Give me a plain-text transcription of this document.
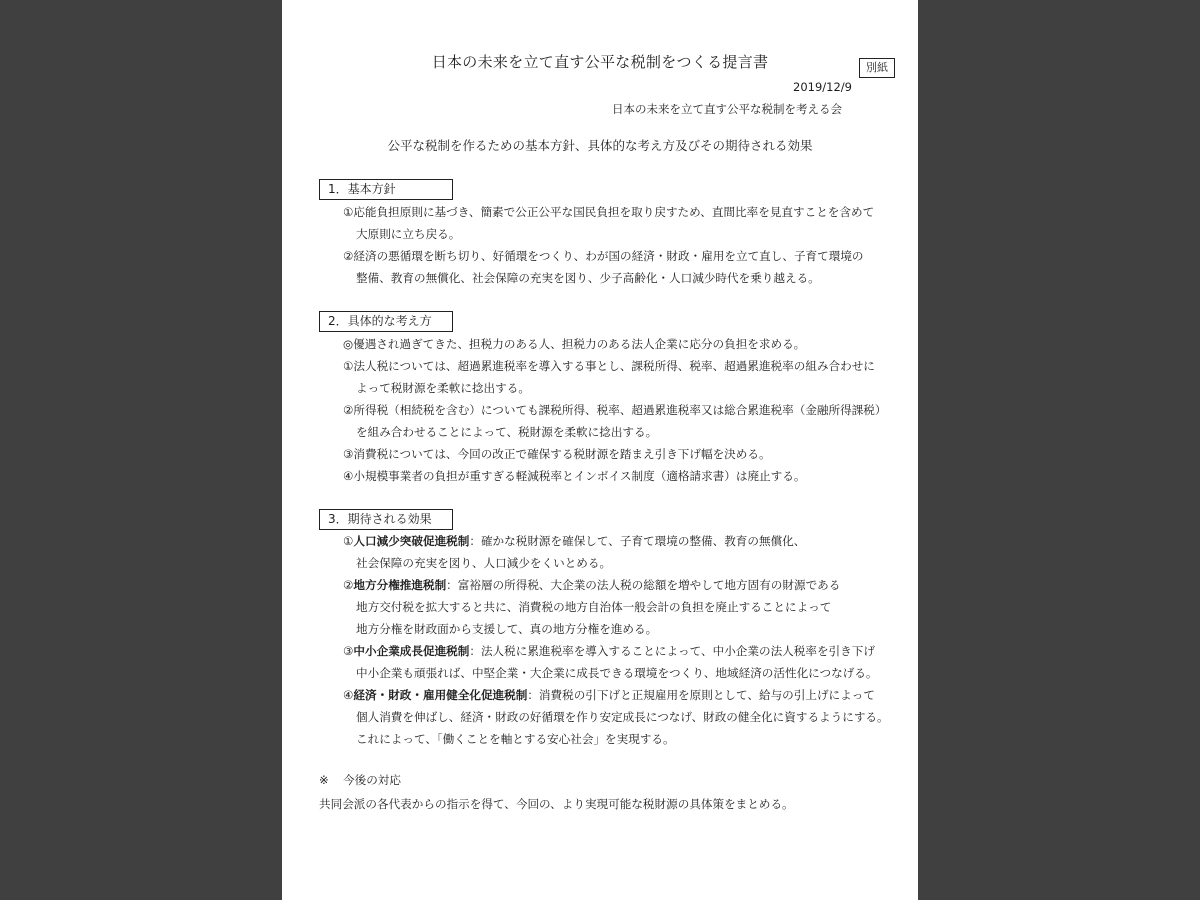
日本の未来を立て直す公平な税制をつくる提言書	別紙

2019/12/9

日本の未来を立て直す公平な税制を考える会

公平な税制を作るための基本方針、具体的な考え方及びその期待される効果

1．基本方針

①応能負担原則に基づき、簡素で公正公平な国民負担を取り戻すため、直間比率を見直すことを含めて

大原則に立ち戻る。

②経済の悪循環を断ち切り、好循環をつくり、わが国の経済・財政・雇用を立て直し、子育て環境の

整備、教育の無償化、社会保障の充実を図り、少子高齢化・人口減少時代を乗り越える。

2．具体的な考え方

◎優遇され過ぎてきた、担税力のある人、担税力のある法人企業に応分の負担を求める。

①法人税については、超過累進税率を導入する事とし、課税所得、税率、超過累進税率の組み合わせに

よって税財源を柔軟に捻出する。

②所得税（相続税を含む）についても課税所得、税率、超過累進税率又は総合累進税率（金融所得課税）

を組み合わせることによって、税財源を柔軟に捻出する。

③消費税については、今回の改正で確保する税財源を踏まえ引き下げ幅を決める。

④小規模事業者の負担が重すぎる軽減税率とインボイス制度（適格請求書）は廃止する。

3．期待される効果

①人口減少突破促進税制：確かな税財源を確保して、子育て環境の整備、教育の無償化、

社会保障の充実を図り、人口減少をくいとめる。

②地方分権推進税制：富裕層の所得税、大企業の法人税の総額を増やして地方固有の財源である

地方交付税を拡大すると共に、消費税の地方自治体一般会計の負担を廃止することによって

地方分権を財政面から支援して、真の地方分権を進める。

③中小企業成長促進税制：法人税に累進税率を導入することによって、中小企業の法人税率を引き下げ

中小企業も頑張れば、中堅企業・大企業に成長できる環境をつくり、地域経済の活性化につなげる。

④経済・財政・雇用健全化促進税制：消費税の引下げと正規雇用を原則として、給与の引上げによって

個人消費を伸ばし、経済・財政の好循環を作り安定成長につなげ、財政の健全化に資するようにする。

これによって、「働くことを軸とする安心社会」を実現する。

※ 今後の対応

共同会派の各代表からの指示を得て、今回の、より実現可能な税財源の具体策をまとめる。
